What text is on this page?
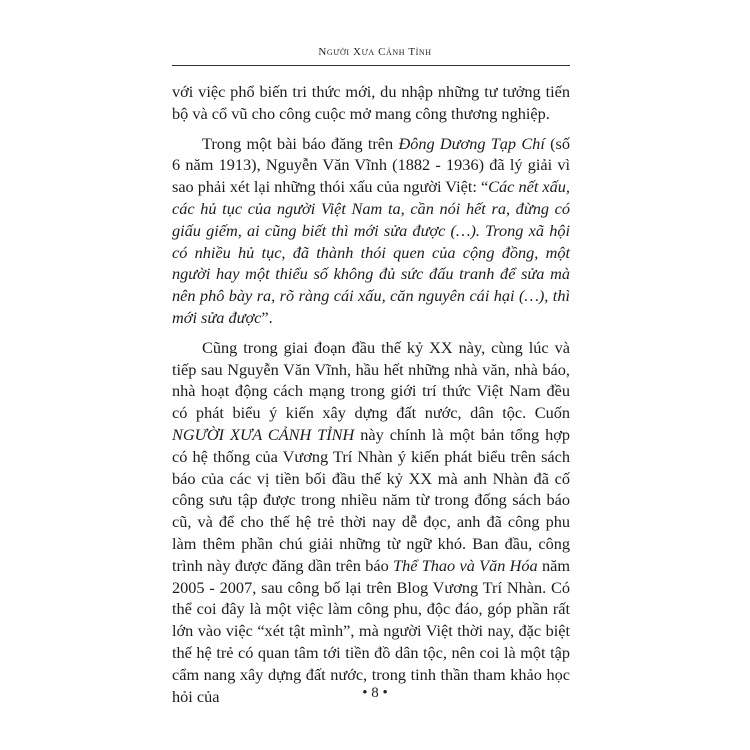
Người Xưa Cảnh Tỉnh

với việc phổ biến tri thức mới, du nhập những tư tưởng tiến bộ và cổ vũ cho công cuộc mở mang công thương nghiệp.

Trong một bài báo đăng trên Đông Dương Tạp Chí (số 6 năm 1913), Nguyễn Văn Vĩnh (1882 - 1936) đã lý giải vì sao phải xét lại những thói xấu của người Việt: “Các nết xấu, các hủ tục của người Việt Nam ta, cần nói hết ra, đừng có giấu giếm, ai cũng biết thì mới sửa được (…). Trong xã hội có nhiều hủ tục, đã thành thói quen của cộng đồng, một người hay một thiểu số không đủ sức đấu tranh để sửa mà nên phô bày ra, rõ ràng cái xấu, căn nguyên cái hại (…), thì mới sửa được”.

Cũng trong giai đoạn đầu thế kỷ XX này, cùng lúc và tiếp sau Nguyễn Văn Vĩnh, hầu hết những nhà văn, nhà báo, nhà hoạt động cách mạng trong giới trí thức Việt Nam đều có phát biểu ý kiến xây dựng đất nước, dân tộc. Cuốn NGƯỜI XƯA CẢNH TỈNH này chính là một bản tổng hợp có hệ thống của Vương Trí Nhàn ý kiến phát biểu trên sách báo của các vị tiền bối đầu thế kỷ XX mà anh Nhàn đã cố công sưu tập được trong nhiều năm từ trong đống sách báo cũ, và để cho thế hệ trẻ thời nay dễ đọc, anh đã công phu làm thêm phần chú giải những từ ngữ khó. Ban đầu, công trình này được đăng dần trên báo Thể Thao và Văn Hóa năm 2005 - 2007, sau công bố lại trên Blog Vương Trí Nhàn. Có thể coi đây là một việc làm công phu, độc đáo, góp phần rất lớn vào việc “xét tật mình”, mà người Việt thời nay, đặc biệt thế hệ trẻ có quan tâm tới tiền đồ dân tộc, nên coi là một tập cẩm nang xây dựng đất nước, trong tinh thần tham khảo học hỏi của	• 8 •
